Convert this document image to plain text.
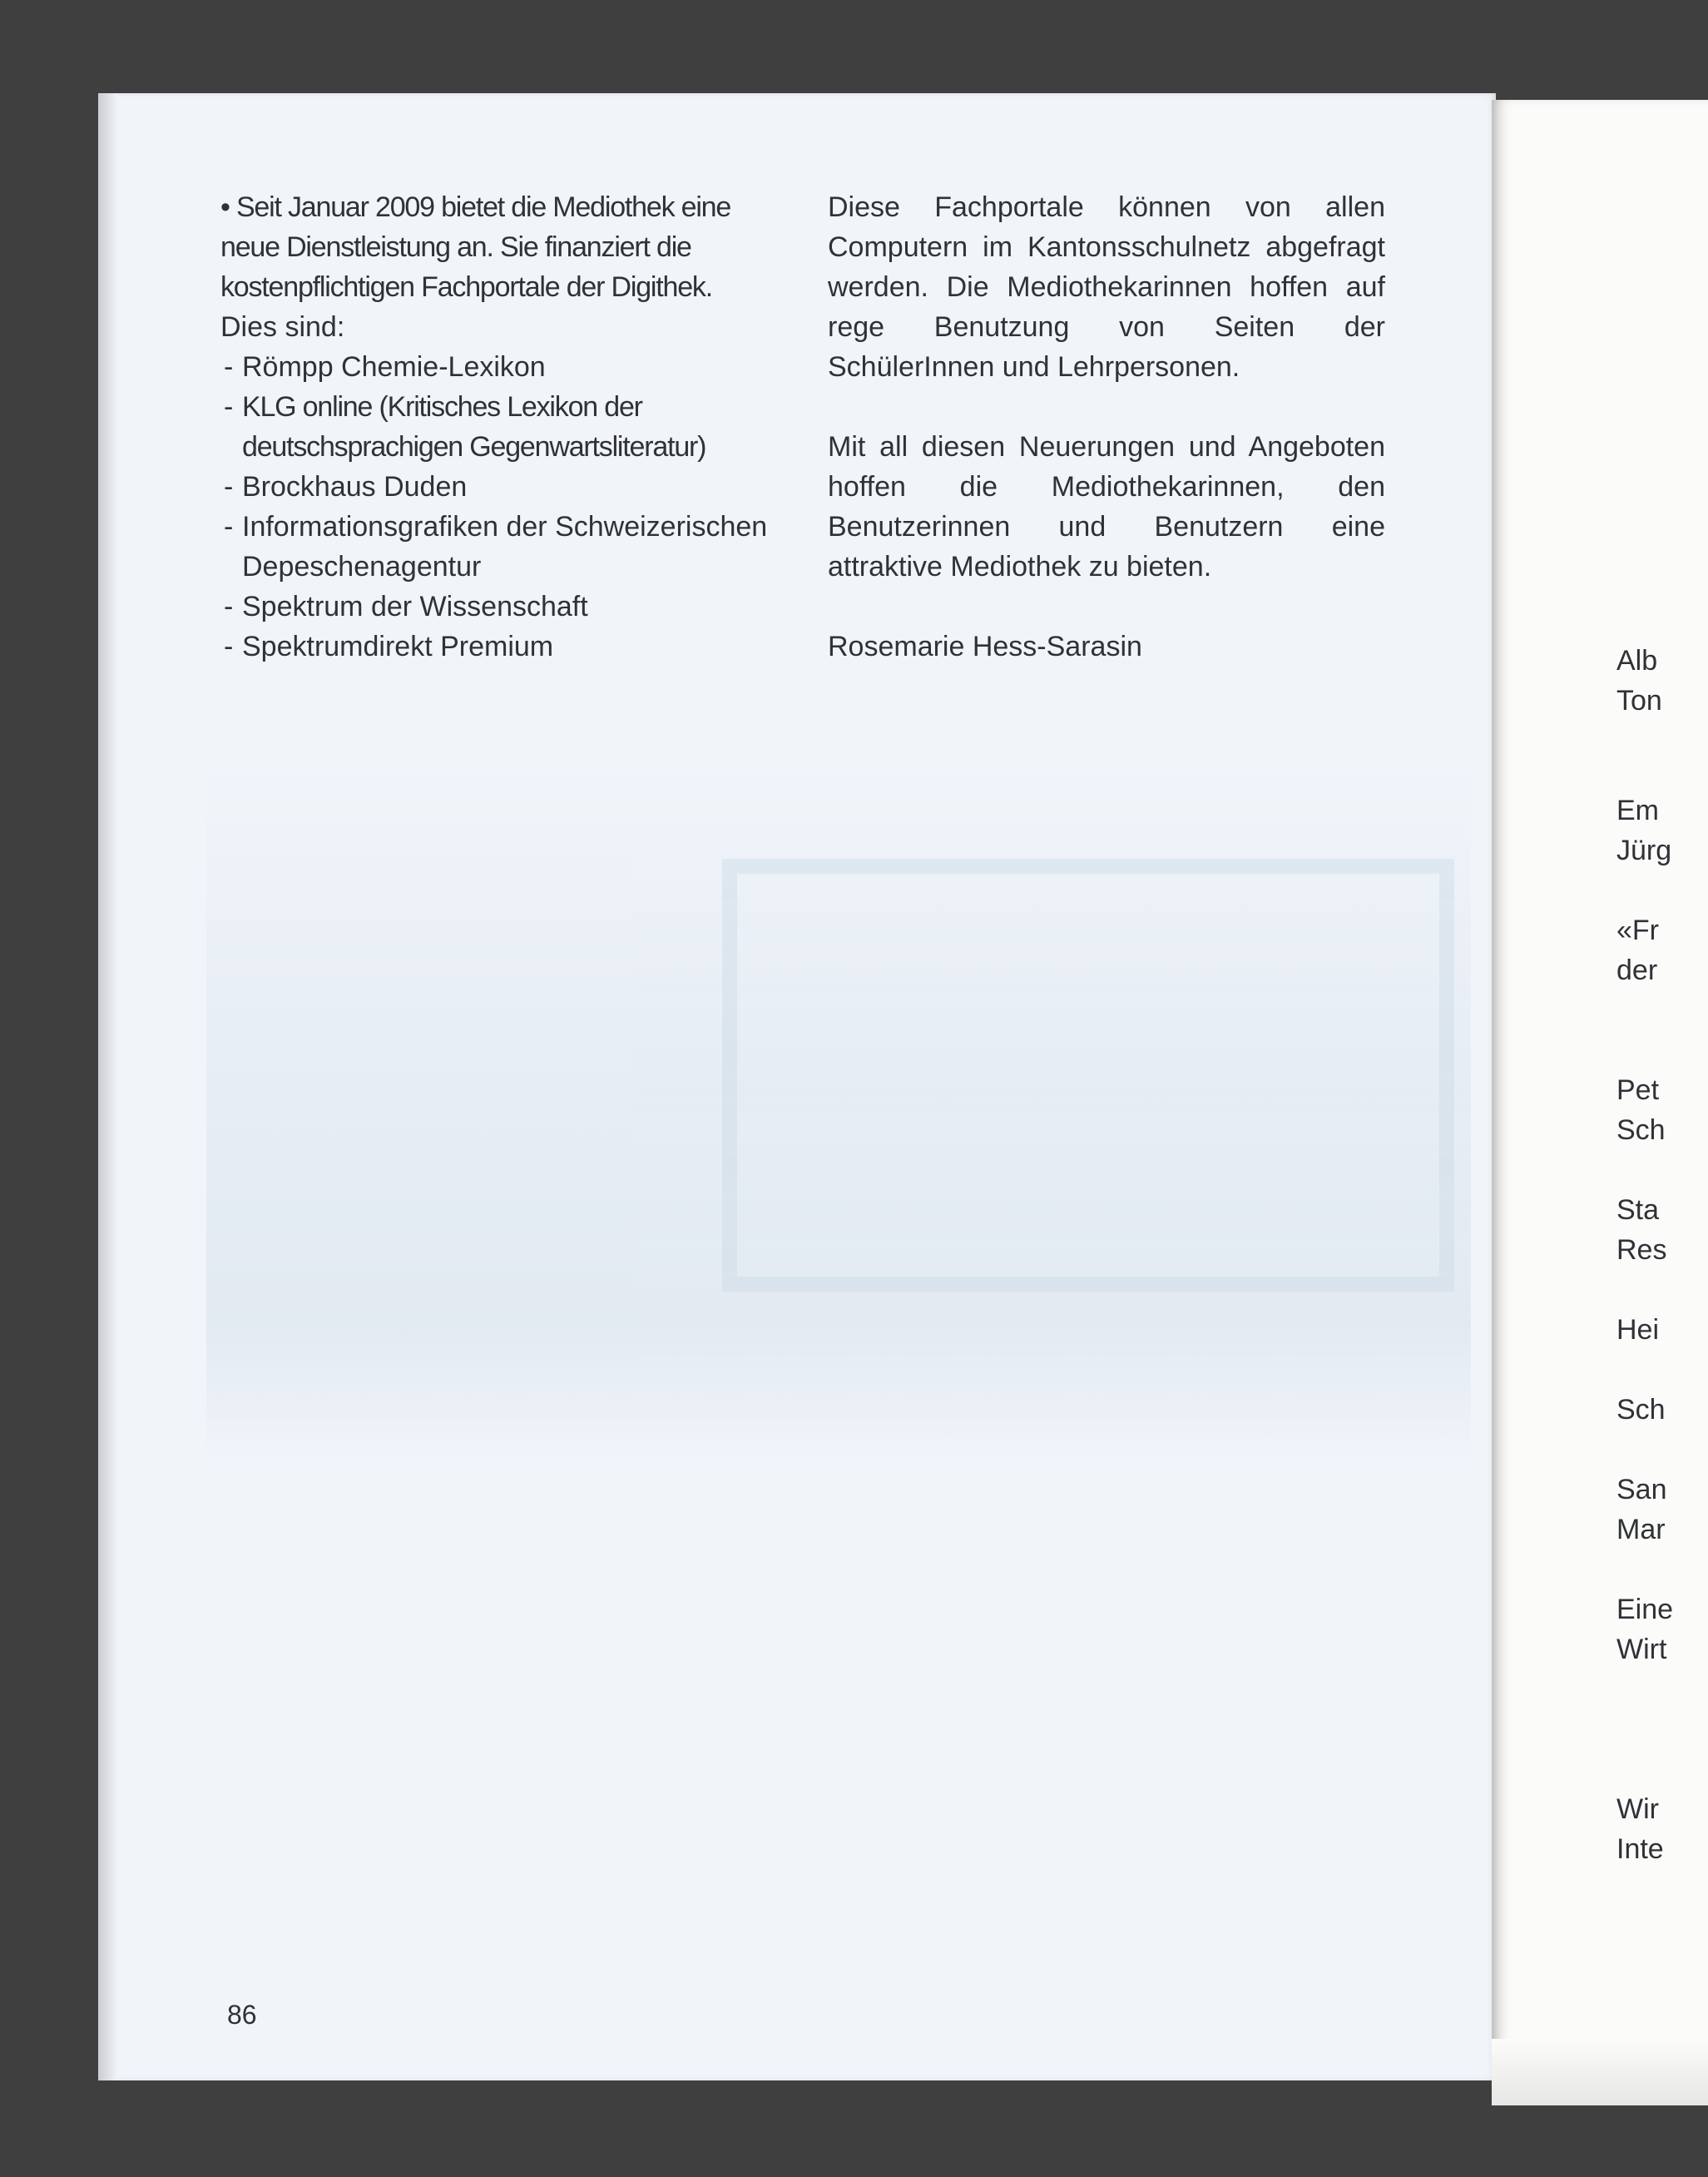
• Seit Januar 2009 bietet die Mediothek eine neue Dienstleistung an. Sie finanziert die kostenpflichtigen Fachportale der Digithek.

Dies sind:

- Römpp Chemie-Lexikon
- KLG online (Kritisches Lexikon der deutschsprachigen Gegenwartsliteratur)
- Brockhaus Duden
- Informationsgrafiken der Schweizerischen Depeschenagentur
- Spektrum der Wissenschaft
- Spektrumdirekt Premium

Diese Fachportale können von allen Computern im Kantonsschulnetz abgefragt werden. Die Mediothekarinnen hoffen auf rege Benutzung von Seiten der SchülerInnen und Lehrpersonen.

Mit all diesen Neuerungen und Angeboten hoffen die Mediothekarinnen, den Benutzerinnen und Benutzern eine attraktive Mediothek zu bieten.

Rosemarie Hess-Sarasin

86
Alb
Ton
Em
Jürg
«Fr
der
Pet
Sch
Sta
Res
Hei
Sch
San
Mar
Eine
Wirt
Wir
Inte
